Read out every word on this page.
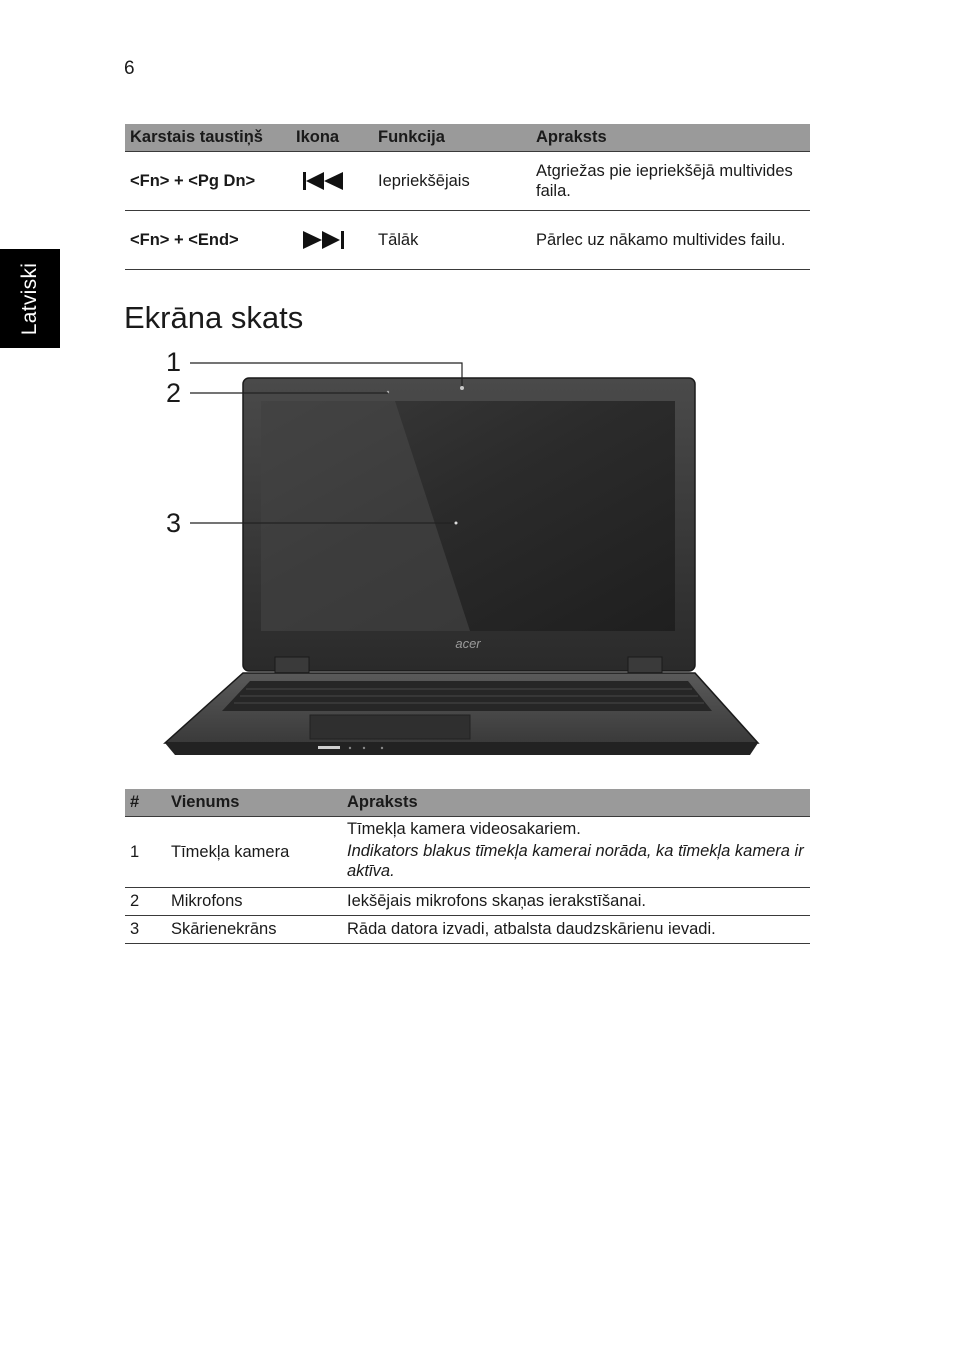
6
Latviski
Karstais taustiņš	Ikona	Funkcija	Apraksts
<Fn> + <Pg Dn>		Iepriekšējais	Atgriežas pie iepriekšējā multivides faila.
<Fn> + <End>		Tālāk	Pārlec uz nākamo multivides failu.
Ekrāna skats
acer
1
2
3
#	Vienums	Apraksts
1	Tīmekļa kamera	Tīmekļa kamera videosakariem.
Indikators blakus tīmekļa kamerai norāda, ka tīmekļa kamera ir aktīva.

2	Mikrofons	Iekšējais mikrofons skaņas ierakstīšanai.
3	Skārienekrāns	Rāda datora izvadi, atbalsta daudzskārienu ievadi.
